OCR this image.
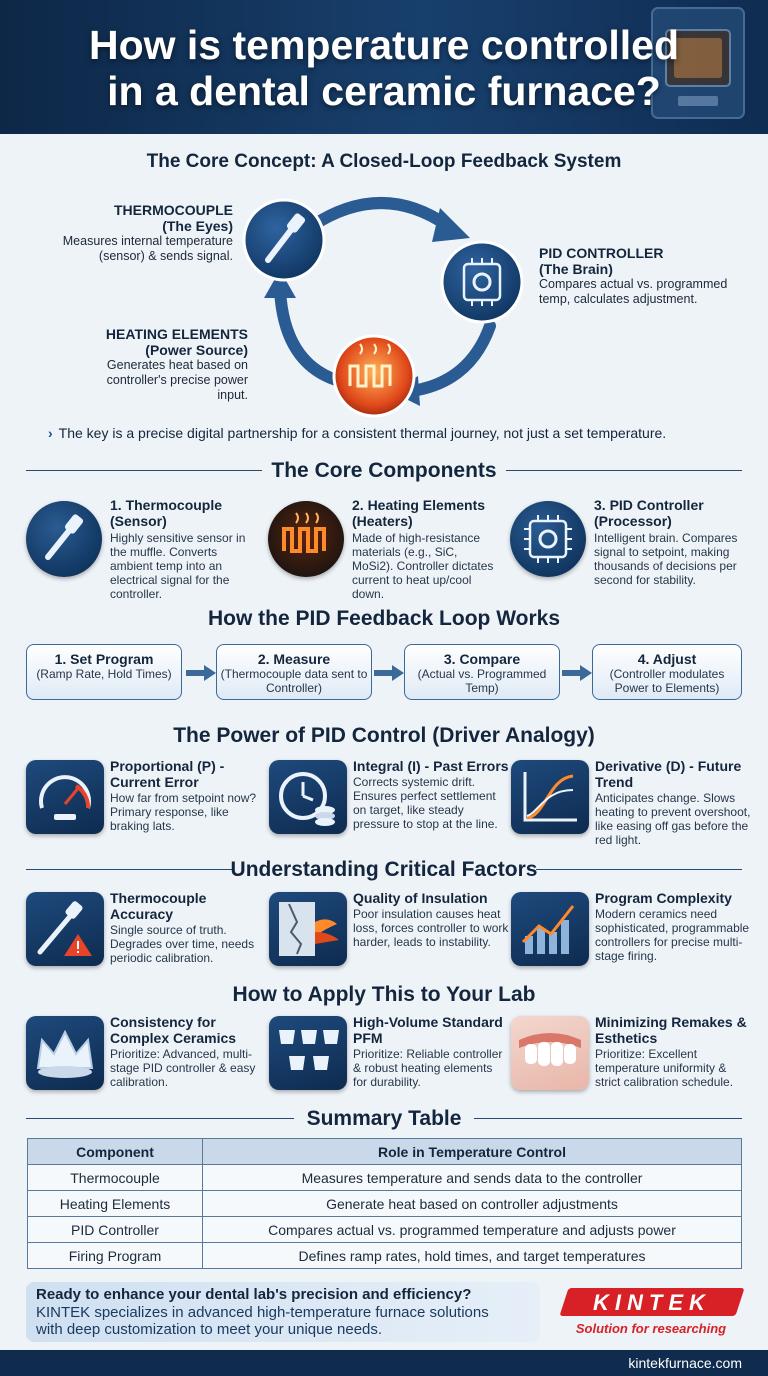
How is temperature controlled
in a dental ceramic furnace?
The Core Concept: A Closed-Loop Feedback System
THERMOCOUPLE
(The Eyes)
Measures internal temperature (sensor) & sends signal.	PID CONTROLLER
(The Brain)
Compares actual vs. programmed temp, calculates adjustment.
HEATING ELEMENTS
(Power Source)
Generates heat based on controller's precise power input.
› The key is a precise digital partnership for a consistent thermal journey, not just a set temperature.
The Core Components
1. Thermocouple
(Sensor)

Highly sensitive sensor in the muffle. Converts ambient temp into an electrical signal for the controller.

2. Heating Elements
(Heaters)

Made of high-resistance materials (e.g., SiC, MoSi2). Controller dictates current to heat up/cool down.

3. PID Controller
(Processor)

Intelligent brain. Compares signal to setpoint, making thousands of decisions per second for stability.

How the PID Feedback Loop Works
1. Set Program
(Ramp Rate, Hold Times)
2. Measure
(Thermocouple data sent to Controller)
3. Compare
(Actual vs. Programmed Temp)
4. Adjust
(Controller modulates Power to Elements)
The Power of PID Control (Driver Analogy)
Proportional (P) - Current Error

How far from setpoint now? Primary response, like braking lats.

Integral (I) - Past Errors

Corrects systemic drift. Ensures perfect settlement on target, like steady pressure to stop at the line.

Derivative (D) - Future Trend

Anticipates change. Slows heating to prevent overshoot, like easing off gas before the red light.

Understanding Critical Factors
Thermocouple Accuracy

Single source of truth. Degrades over time, needs periodic calibration.

Quality of Insulation

Poor insulation causes heat loss, forces controller to work harder, leads to instability.

Program Complexity

Modern ceramics need sophisticated, programmable controllers for precise multi-stage firing.

How to Apply This to Your Lab
Consistency for Complex Ceramics

Prioritize: Advanced, multi-stage PID controller & easy calibration.

High-Volume Standard PFM

Prioritize: Reliable controller & robust heating elements for durability.

Minimizing Remakes & Esthetics

Prioritize: Excellent temperature uniformity & strict calibration schedule.

Summary Table
Component	Role in Temperature Control
Thermocouple	Measures temperature and sends data to the controller
Heating Elements	Generate heat based on controller adjustments
PID Controller	Compares actual vs. programmed temperature and adjusts power
Firing Program	Defines ramp rates, hold times, and target temperatures
Ready to enhance your dental lab's precision and efficiency?

KINTEK specializes in advanced high-temperature furnace solutions

with deep customization to meet your unique needs.

KINTEK
Solution for researching
kintekfurnace.com
